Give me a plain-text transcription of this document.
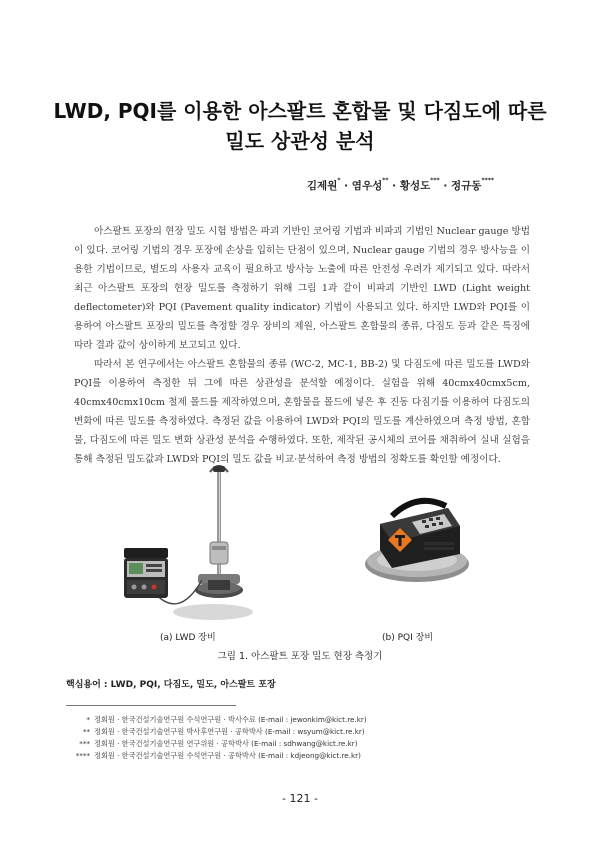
LWD, PQI를 이용한 아스팔트 혼합물 및 다짐도에 따른
밀도 상관성 분석
김제원* · 염우성** · 황성도*** · 정규동****

아스팔트 포장의 현장 밀도 시험 방법은 파괴 기반인 코어링 기법과 비파괴 기법인 Nuclear gauge 방법이 있다. 코어링 기법의 경우 포장에 손상을 입히는 단점이 있으며, Nuclear gauge 기법의 경우 방사능을 이용한 기법이므로, 별도의 사용자 교육이 필요하고 방사능 노출에 따른 안전성 우려가 제기되고 있다. 따라서 최근 아스팔트 포장의 현장 밀도를 측정하기 위해 그림 1과 같이 비파괴 기반인 LWD (Light weight deflectometer)와 PQI (Pavement quality indicator) 기법이 사용되고 있다. 하지만 LWD와 PQI를 이용하여 아스팔트 포장의 밀도를 측정할 경우 장비의 제원, 아스팔트 혼합물의 종류, 다짐도 등과 같은 특징에 따라 결과 값이 상이하게 보고되고 있다.

따라서 본 연구에서는 아스팔트 혼합물의 종류 (WC-2, MC-1, BB-2) 및 다짐도에 따른 밀도를 LWD와 PQI를 이용하여 측정한 뒤 그에 따른 상관성을 분석할 예정이다. 실험을 위해 40cmx40cmx5cm, 40cmx40cmx10cm 철제 몰드를 제작하였으며, 혼합물을 몰드에 넣은 후 진동 다짐기를 이용하여 다짐도의 변화에 따른 밀도를 측정하였다. 측정된 값을 이용하여 LWD와 PQI의 밀도를 계산하였으며 측정 방법, 혼합물, 다짐도에 따른 밀도 변화 상관성 분석을 수행하였다. 또한, 제작된 공시체의 코어를 채취하여 실내 실험을 통해 측정된 밀도값과 LWD와 PQI의 밀도 값을 비교·분석하여 측정 방법의 정확도를 확인할 예정이다.

(a) LWD 장비	(b) PQI 장비
그림 1. 아스팔트 포장 밀도 현장 측정기
핵심용어 : LWD, PQI, 다짐도, 밀도, 아스팔트 포장
* 정회원 · 한국건설기술연구원 수석연구원 · 박사수료 (E-mail : jewonkim@kict.re.kr)
** 정회원 · 한국건설기술연구원 박사후연구원 · 공학박사 (E-mail : wsyum@kict.re.kr)
*** 정회원 · 한국건설기술연구원 연구위원 · 공학박사 (E-mail : sdhwang@kict.re.kr)
**** 정회원 · 한국건설기술연구원 수석연구원 · 공학박사 (E-mail : kdjeong@kict.re.kr)
- 121 -
